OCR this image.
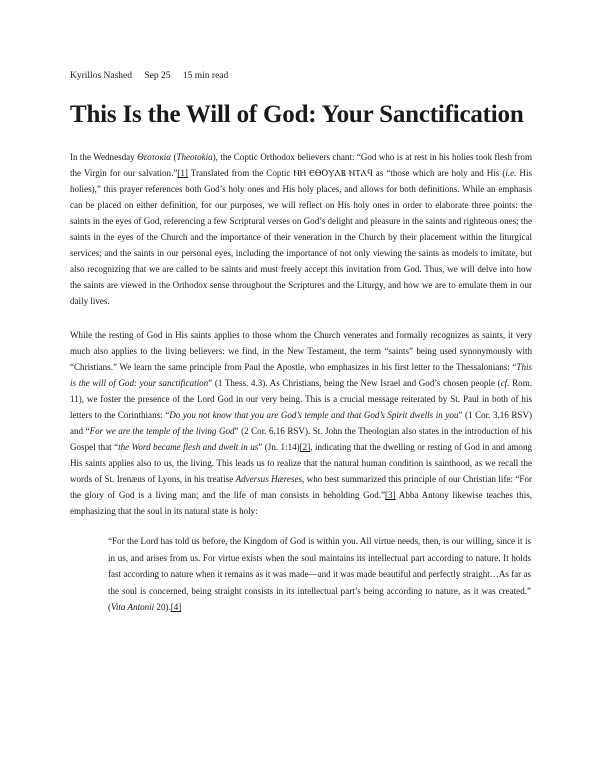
Kyrillos Nashed Sep 25 15 min read
This Is the Will of God: Your Sanctification

In the Wednesday Θεοτοκία (Theotokia), the Coptic Orthodox believers chant: “God who is at rest in his holies took flesh from the Virgin for our salvation.”[1] Translated from the Coptic ⲚⲎ ⲈⲐⲞⲨⲀⲂ ⲚⲦⲀϤ as “those which are holy and His (i.e. His holies),” this prayer references both God’s holy ones and His holy places, and allows for both definitions. While an emphasis can be placed on either definition, for our purposes, we will reflect on His holy ones in order to elaborate three points: the saints in the eyes of God, referencing a few Scriptural verses on God’s delight and pleasure in the saints and righteous ones; the saints in the eyes of the Church and the importance of their veneration in the Church by their placement within the liturgical services; and the saints in our personal eyes, including the importance of not only viewing the saints as models to imitate, but also recognizing that we are called to be saints and must freely accept this invitation from God. Thus, we will delve into how the saints are viewed in the Orthodox sense throughout the Scriptures and the Liturgy, and how we are to emulate them in our daily lives.

While the resting of God in His saints applies to those whom the Church venerates and formally recognizes as saints, it very much also applies to the living believers: we find, in the New Testament, the term “saints” being used synonymously with “Christians.” We learn the same principle from Paul the Apostle, who emphasizes in his first letter to the Thessalonians: “This is the will of God: your sanctification” (1 Thess. 4.3). As Christians, being the New Israel and God’s chosen people (cf. Rom. 11), we foster the presence of the Lord God in our very being. This is a crucial message reiterated by St. Paul in both of his letters to the Corinthians: “Do you not know that you are God’s temple and that God’s Spirit dwells in you” (1 Cor. 3.16 RSV) and “For we are the temple of the living God” (2 Cor. 6.16 RSV). St. John the Theologian also states in the introduction of his Gospel that “the Word became flesh and dwelt in us” (Jn. 1:14)[2], indicating that the dwelling or resting of God in and among His saints applies also to us, the living. This leads us to realize that the natural human condition is sainthood, as we recall the words of St. Irenæus of Lyons, in his treatise Adversus Hæreses, who best summarized this principle of our Christian life: “For the glory of God is a living man; and the life of man consists in beholding God.”[3] Abba Antony likewise teaches this, emphasizing that the soul in its natural state is holy:

“For the Lord has told us before, the Kingdom of God is within you. All virtue needs, then, is our willing, since it is in us, and arises from us. For virtue exists when the soul maintains its intellectual part according to nature. It holds fast according to nature when it remains as it was made—and it was made beautiful and perfectly straight…As far as the soul is concerned, being straight consists in its intellectual part’s being according to nature, as it was created.” (Vita Antonii 20).[4]
